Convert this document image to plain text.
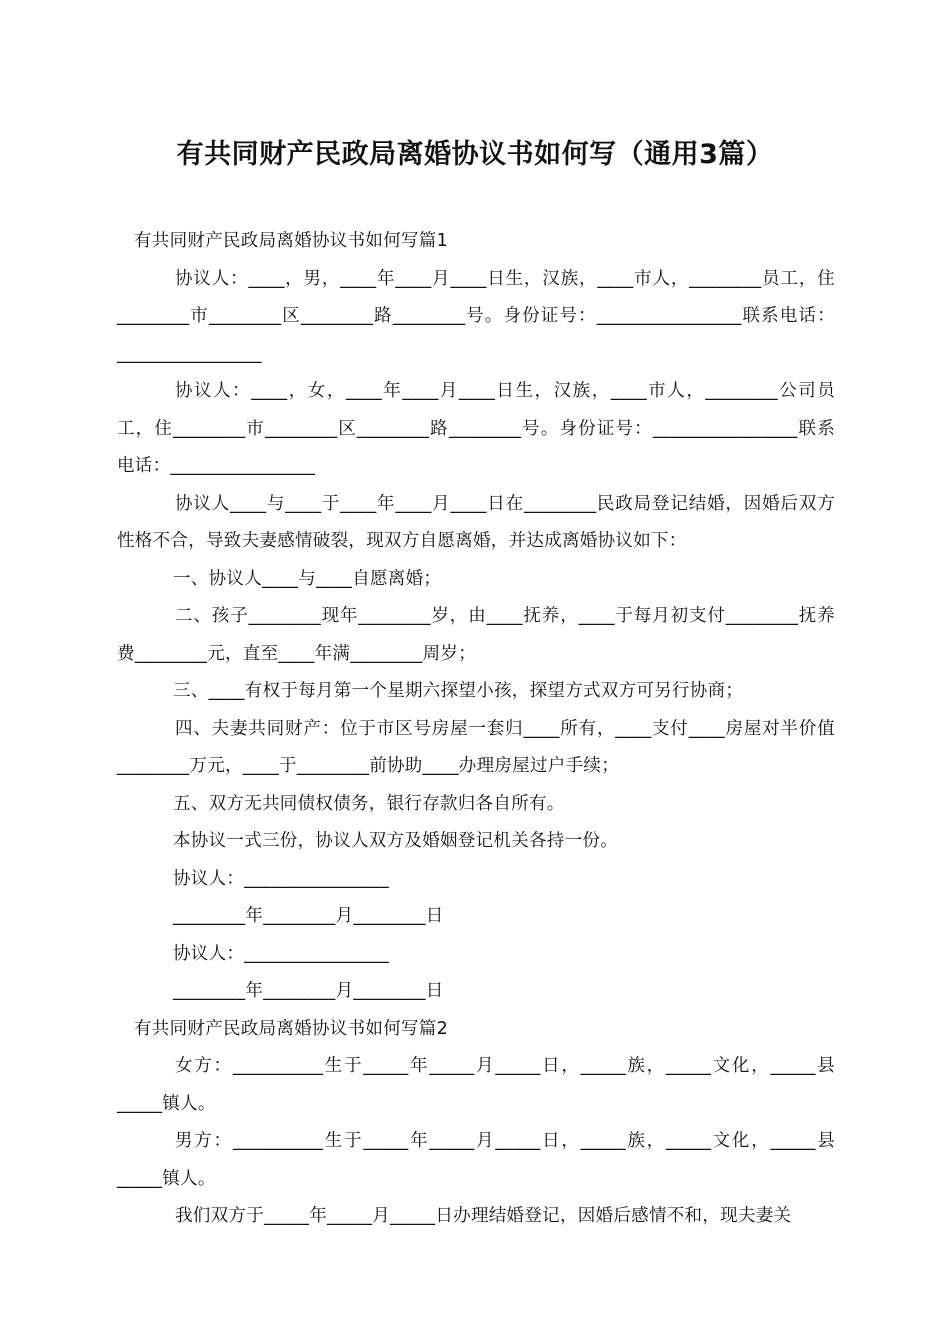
有共同财产民政局离婚协议书如何写（通用3篇）

有共同财产民政局离婚协议书如何写篇1

协议人：____，男，____年____月____日生，汉族，____市人，________员工，住________市________区________路________号。身份证号：________________联系电话：________________

协议人：____，女，____年____月____日生，汉族，____市人，________公司员工，住________市________区________路________号。身份证号：________________联系电话：________________

协议人____与____于____年____月____日在________民政局登记结婚，因婚后双方性格不合，导致夫妻感情破裂，现双方自愿离婚，并达成离婚协议如下：

一、协议人____与____自愿离婚；

二、孩子________现年________岁，由____抚养，____于每月初支付________抚养费________元，直至____年满________周岁；

三、____有权于每月第一个星期六探望小孩，探望方式双方可另行协商；

四、夫妻共同财产：位于市区号房屋一套归____所有，____支付____房屋对半价值________万元，____于________前协助____办理房屋过户手续；

五、双方无共同债权债务，银行存款归各自所有。

本协议一式三份，协议人双方及婚姻登记机关各持一份。

协议人：________________

________年________月________日

协议人：________________

________年________月________日

有共同财产民政局离婚协议书如何写篇2

女方：__________生于_____年_____月_____日，_____族，_____文化，_____县_____镇人。

男方：__________生于_____年_____月_____日，_____族，_____文化，_____县_____镇人。

我们双方于_____年_____月_____日办理结婚登记，因婚后感情不和，现夫妻关
